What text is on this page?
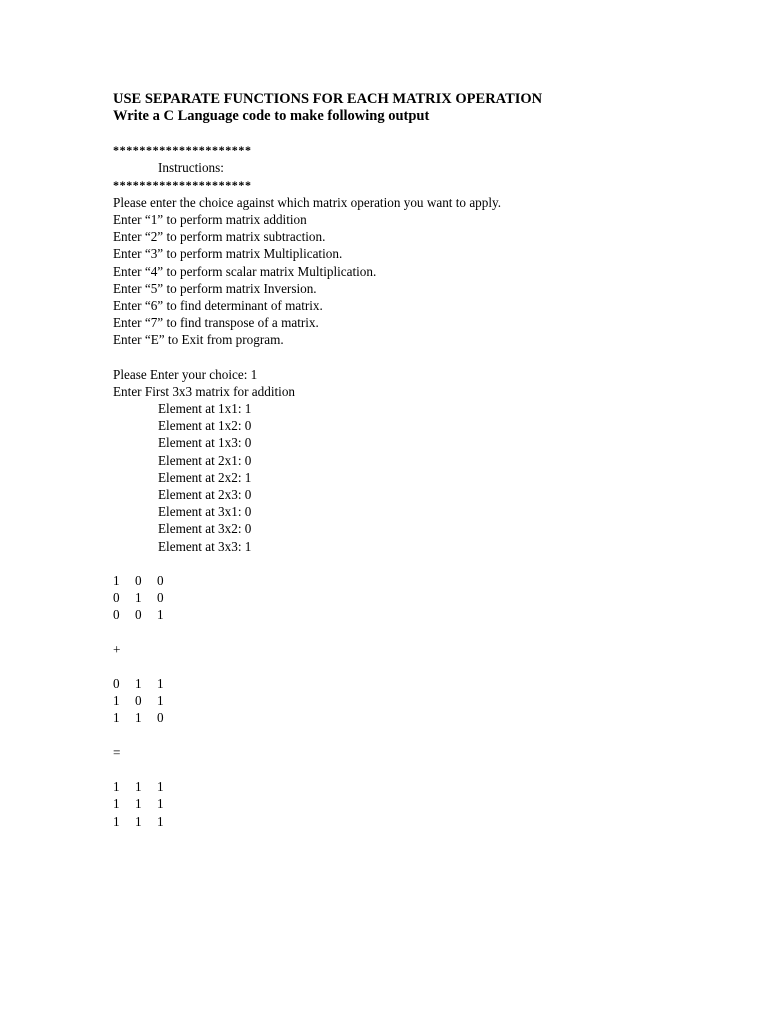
USE SEPARATE FUNCTIONS FOR EACH MATRIX OPERATION
Write a C Language code to make following output
*********************
Instructions:
*********************
Please enter the choice against which matrix operation you want to apply.
Enter “1” to perform matrix addition
Enter “2” to perform matrix subtraction.
Enter “3” to perform matrix Multiplication.
Enter “4” to perform scalar matrix Multiplication.
Enter “5” to perform matrix Inversion.
Enter “6” to find determinant of matrix.
Enter “7” to find transpose of a matrix.
Enter “E” to Exit from program.
Please Enter your choice: 1
Enter First 3x3 matrix for addition
Element at 1x1: 1
Element at 1x2: 0
Element at 1x3: 0
Element at 2x1: 0
Element at 2x2: 1
Element at 2x3: 0
Element at 3x1: 0
Element at 3x2: 0
Element at 3x3: 1
1	0	0
0	1	0
0	0	1
+
0	1	1
1	0	1
1	1	0
=
1	1	1
1	1	1
1	1	1
